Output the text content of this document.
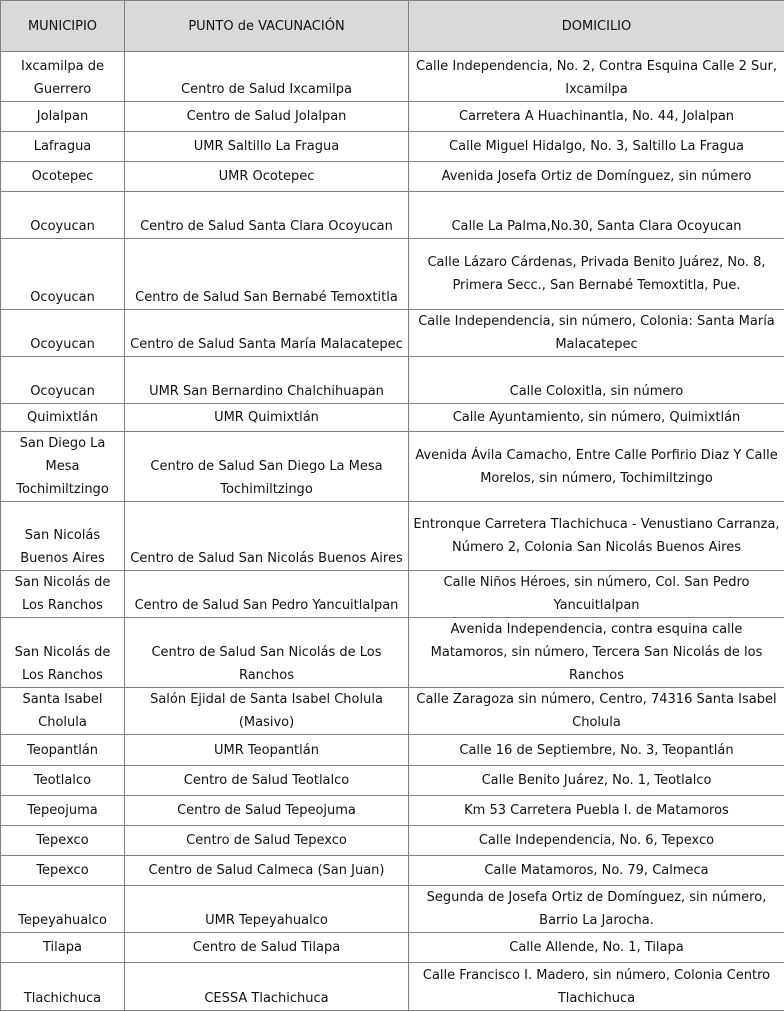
MUNICIPIO	PUNTO de VACUNACIÓN	DOMICILIO
Ixcamilpa de Guerrero	Centro de Salud Ixcamilpa	Calle Independencia, No. 2, Contra Esquina Calle 2 Sur, Ixcamilpa
Jolalpan	Centro de Salud Jolalpan	Carretera A Huachinantla, No. 44, Jolalpan
Lafragua	UMR Saltillo La Fragua	Calle Miguel Hidalgo, No. 3, Saltillo La Fragua
Ocotepec	UMR Ocotepec	Avenida Josefa Ortiz de Domínguez, sin número
Ocoyucan	Centro de Salud Santa Clara Ocoyucan	Calle La Palma,No.30, Santa Clara Ocoyucan
Ocoyucan	Centro de Salud San Bernabé Temoxtitla	Calle Lázaro Cárdenas, Privada Benito Juárez, No. 8, Primera Secc., San Bernabé Temoxtitla, Pue.
Ocoyucan	Centro de Salud Santa María Malacatepec	Calle Independencia, sin número, Colonia: Santa María Malacatepec
Ocoyucan	UMR San Bernardino Chalchihuapan	Calle Coloxitla, sin número
Quimixtlán	UMR Quimixtlán	Calle Ayuntamiento, sin número, Quimixtlán
San Diego La Mesa Tochimiltzingo	Centro de Salud San Diego La Mesa Tochimiltzingo	Avenida Ávila Camacho, Entre Calle Porfirio Diaz Y Calle Morelos, sin número, Tochimiltzingo
San Nicolás Buenos Aires	Centro de Salud San Nicolás Buenos Aires	Entronque Carretera Tlachichuca - Venustiano Carranza, Número 2, Colonia San Nicolás Buenos Aires
San Nicolás de Los Ranchos	Centro de Salud San Pedro Yancuitlalpan	Calle Niños Héroes, sin número, Col. San Pedro Yancuitlalpan
San Nicolás de Los Ranchos	Centro de Salud San Nicolás de Los Ranchos	Avenida Independencia, contra esquina calle Matamoros, sin número, Tercera San Nicolás de los Ranchos
Santa Isabel Cholula	Salón Ejidal de Santa Isabel Cholula (Masivo)	Calle Zaragoza sin número, Centro, 74316 Santa Isabel Cholula
Teopantlán	UMR Teopantlán	Calle 16 de Septiembre, No. 3, Teopantlán
Teotlalco	Centro de Salud Teotlalco	Calle Benito Juárez, No. 1, Teotlalco
Tepeojuma	Centro de Salud Tepeojuma	Km 53 Carretera Puebla I. de Matamoros
Tepexco	Centro de Salud Tepexco	Calle Independencia, No. 6, Tepexco
Tepexco	Centro de Salud Calmeca (San Juan)	Calle Matamoros, No. 79, Calmeca
Tepeyahualco	UMR Tepeyahualco	Segunda de Josefa Ortiz de Domínguez, sin número, Barrio La Jarocha.
Tilapa	Centro de Salud Tilapa	Calle Allende, No. 1, Tilapa
Tlachichuca	CESSA Tlachichuca	Calle Francisco I. Madero, sin número, Colonia Centro Tlachichuca
